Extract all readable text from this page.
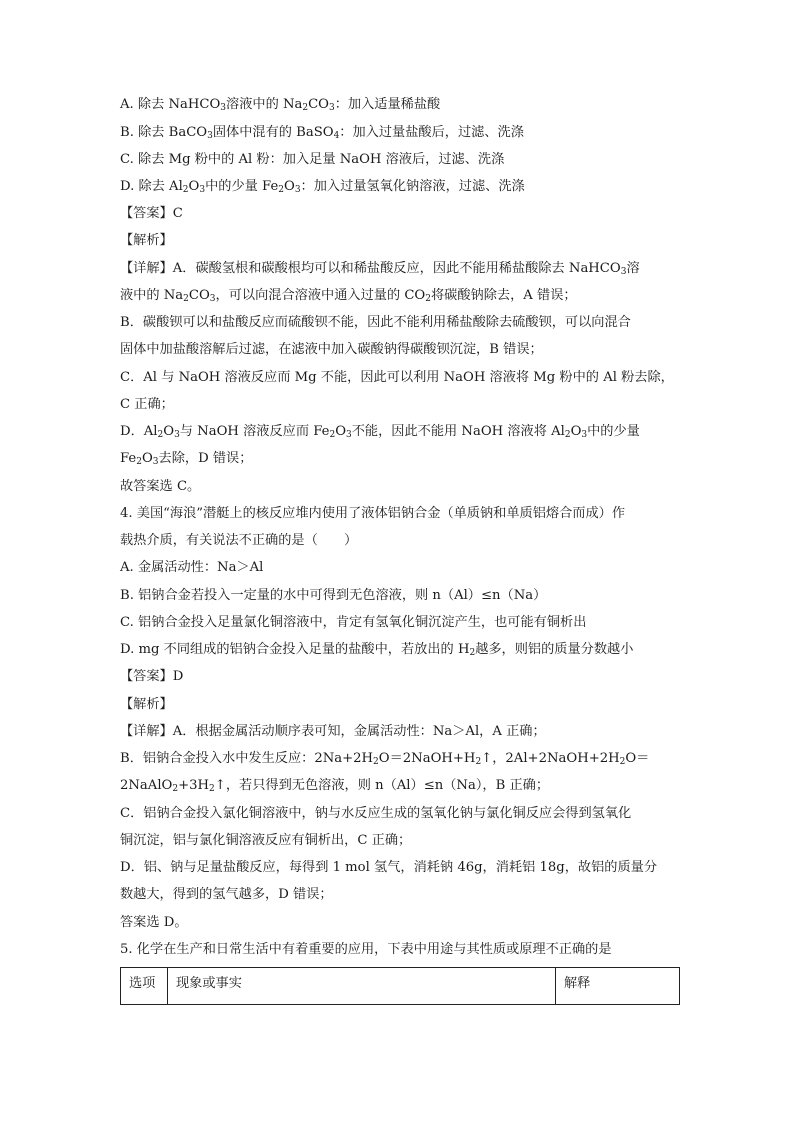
A. 除去 NaHCO$_3$溶液中的 $Na_2CO_3$：加入适量稀盐酸
B. 除去 BaCO$_3$固体中混有的 BaSO$_4$：加入过量盐酸后，过滤、洗涤
C. 除去 Mg 粉中的 Al 粉：加入足量 NaOH 溶液后，过滤、洗涤
D. 除去 $Al_2O_3$中的少量 $Fe_2O_3$：加入过量氢氧化钠溶液，过滤、洗涤
【答案】C
【解析】
【详解】A．碳酸氢根和碳酸根均可以和稀盐酸反应，因此不能用稀盐酸除去 NaHCO$_3$溶
液中的 $Na_2CO_3$，可以向混合溶液中通入过量的 $CO_2$将碳酸钠除去，A 错误；
B．碳酸钡可以和盐酸反应而硫酸钡不能，因此不能利用稀盐酸除去硫酸钡，可以向混合
固体中加盐酸溶解后过滤，在滤液中加入碳酸钠得碳酸钡沉淀，B 错误；
C．Al 与 NaOH 溶液反应而 Mg 不能，因此可以利用 NaOH 溶液将 Mg 粉中的 Al 粉去除，
C 正确；
D．$Al_2O_3$与 NaOH 溶液反应而 $Fe_2O_3$不能，因此不能用 NaOH 溶液将 $Al_2O_3$中的少量
$Fe_2O_3$去除，D 错误；
故答案选 C。
4. 美国“海浪”潜艇上的核反应堆内使用了液体铝钠合金（单质钠和单质铝熔合而成）作
载热介质，有关说法不正确的是（　　）
A. 金属活动性：Na＞Al
B. 铝钠合金若投入一定量的水中可得到无色溶液，则 n（Al）≤n（Na）
C. 铝钠合金投入足量氯化铜溶液中，肯定有氢氧化铜沉淀产生，也可能有铜析出
D. mg 不同组成的铝钠合金投入足量的盐酸中，若放出的 $H_2$越多，则铝的质量分数越小
【答案】D
【解析】
【详解】A．根据金属活动顺序表可知，金属活动性：Na＞Al，A 正确；
B．铝钠合金投入水中发生反应：$2Na+2H_2O=2NaOH+H_2↑$，$2Al+2NaOH+2H_2O=$
$2NaAlO_2+3H_2↑$，若只得到无色溶液，则 n（Al）≤n（Na），B 正确；
C．铝钠合金投入氯化铜溶液中，钠与水反应生成的氢氧化钠与氯化铜反应会得到氢氧化
铜沉淀，铝与氯化铜溶液反应有铜析出，C 正确；
D．铝、钠与足量盐酸反应，每得到 1 mol 氢气，消耗钠 46g，消耗铝 18g，故铝的质量分
数越大，得到的氢气越多，D 错误；
答案选 D。
5. 化学在生产和日常生活中有着重要的应用，下表中用途与其性质或原理不正确的是
选项	现象或事实	解释
